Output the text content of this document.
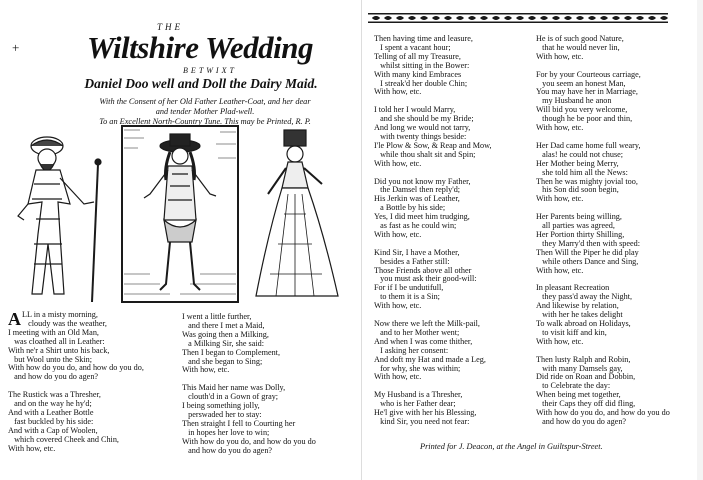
+
THE
Wiltshire Wedding
BETWIXT
Daniel Doo well and Doll the Dairy Maid.
With the Consent of her Old Father Leather-Coat, and her dear
and tender Mother Plad-well.
To an Excellent North-Country Tune. This may be Printed, R. P.
ALL in a misty morning,
cloudy was the weather,
I meeting with an Old Man,
was cloathed all in Leather:
With ne'r a Shirt unto his back,
but Wool unto the Skin;
With how do you do, and how do you do,
and how do you do agen?

The Rustick was a Thresher,
and on the way he hy'd;
And with a Leather Bottle
fast buckled by his side:
And with a Cap of Woolen,
which covered Cheek and Chin,
With how, etc.
I went a little further,
and there I met a Maid,
Was going then a Milking,
a Milking Sir, she said:
Then I began to Complement,
and she began to Sing;
With how, etc.

This Maid her name was Dolly,
clouth'd in a Gown of gray;
I being something jolly,
perswaded her to stay:
Then straight I fell to Courting her
in hopes her love to win;
With how do you do, and how do you do
and how do you do agen?
Then having time and leasure,
I spent a vacant hour;
Telling of all my Treasure,
whilst sitting in the Bower:
With many kind Embraces
I streak'd her double Chin;
With how, etc.

I told her I would Marry,
and she should be my Bride;
And long we would not tarry,
with twenty things beside:
I'le Plow & Sow, & Reap and Mow,
while thou shalt sit and Spin;
With how, etc.

Did you not know my Father,
the Damsel then reply'd;
His Jerkin was of Leather,
a Bottle by his side;
Yes, I did meet him trudging,
as fast as he could win;
With how, etc.

Kind Sir, I have a Mother,
besides a Father still:
Those Friends above all other
you must ask their good-will:
For if I be undutifull,
to them it is a Sin;
With how, etc.

Now there we left the Milk-pail,
and to her Mother went;
And when I was come thither,
I asking her consent:
And doft my Hat and made a Leg,
for why, she was within;
With how, etc.

My Husband is a Thresher,
who is her Father dear;
He'l give with her his Blessing,
kind Sir, you need not fear:
He is of such good Nature,
that he would never lin,
With how, etc.

For by your Courteous carriage,
you seem an honest Man,
You may have her in Marriage,
my Husband he anon
Will bid you very welcome,
though he be poor and thin,
With how, etc.

Her Dad came home full weary,
alas! he could not chuse;
Her Mother being Merry,
she told him all the News:
Then he was mighty jovial too,
his Son did soon begin,
With how, etc.

Her Parents being willing,
all parties was agreed,
Her Portion thirty Shilling,
they Marry'd then with speed:
Then Will the Piper he did play
while others Dance and Sing,
With how, etc.

In pleasant Recreation
they pass'd away the Night,
And likewise by relation,
with her he takes delight
To walk abroad on Holidays,
to visit kiff and kin,
With how, etc.

Then lusty Ralph and Robin,
with many Damsels gay,
Did ride on Roan and Dobbin,
to Celebrate the day:
When being met together,
their Caps they off did fling,
With how do you do, and how do you do
and how do you do agen?
Printed for J. Deacon, at the Angel in Guiltspur-Street.
